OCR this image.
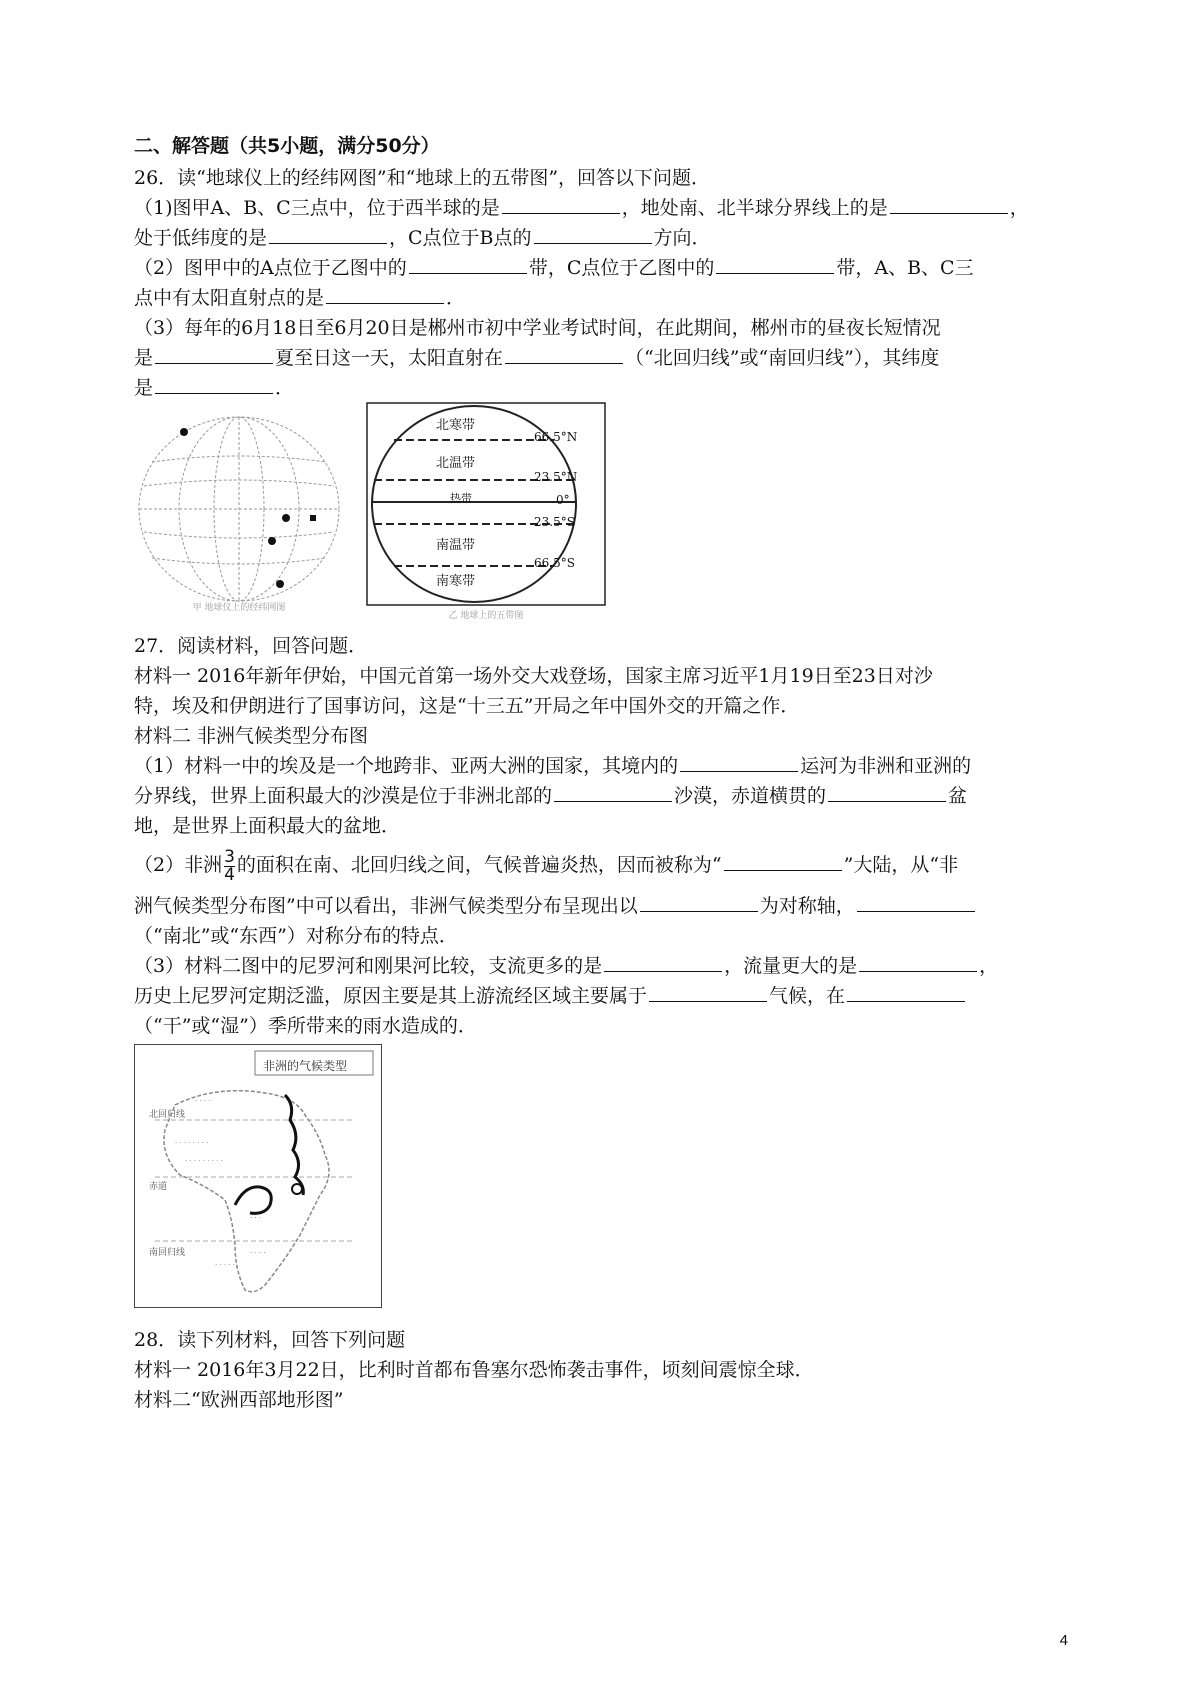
二、解答题（共5小题，满分50分）
26．读“地球仪上的经纬网图”和“地球上的五带图”，回答以下问题．
（1)图甲A、B、C三点中，位于西半球的是	，地处南、北半球分界线上的是	，
处于低纬度的是	，C点位于B点的	方向．
（2）图甲中的A点位于乙图中的	带，C点位于乙图中的	带，A、B、C三
点中有太阳直射点的是	．
（3）每年的6月18日至6月20日是郴州市初中学业考试时间，在此期间，郴州市的昼夜长短情况
是	夏至日这一天，太阳直射在	（“北回归线”或“南回归线”），其纬度
是	．
甲 地球仪上的经纬网图
北寒带
北温带
热带
南温带
南寒带
66.5°N
23.5°N
0°
23.5°S
66.5°S
乙 地球上的五带图
27．阅读材料，回答问题．
材料一 2016年新年伊始，中国元首第一场外交大戏登场，国家主席习近平1月19日至23日对沙
特，埃及和伊朗进行了国事访问，这是“十三五”开局之年中国外交的开篇之作．
材料二 非洲气候类型分布图
（1）材料一中的埃及是一个地跨非、亚两大洲的国家，其境内的	运河为非洲和亚洲的
分界线，世界上面积最大的沙漠是位于非洲北部的	沙漠，赤道横贯的	盆
地，是世界上面积最大的盆地．
（2）非洲 $\frac{3}{4}$ 的面积在南、北回归线之间，气候普遍炎热，因而被称为“	”大陆，从“非
洲气候类型分布图”中可以看出，非洲气候类型分布呈现出以	为对称轴，
（“南北”或“东西”）对称分布的特点．
（3）材料二图中的尼罗河和刚果河比较，支流更多的是	，流量更大的是	，
历史上尼罗河定期泛滥，原因主要是其上游流经区域主要属于	气候，在
（“干”或“湿”）季所带来的雨水造成的．
· · · ·
· · · · · · · ·
· · · · · · · · ·
· · ·
· · · ·
· · · · ·
非洲的气候类型
北回归线
赤道
南回归线
28．读下列材料，回答下列问题
材料一 2016年3月22日，比利时首都布鲁塞尔恐怖袭击事件，顷刻间震惊全球．
材料二“欧洲西部地形图”
4
